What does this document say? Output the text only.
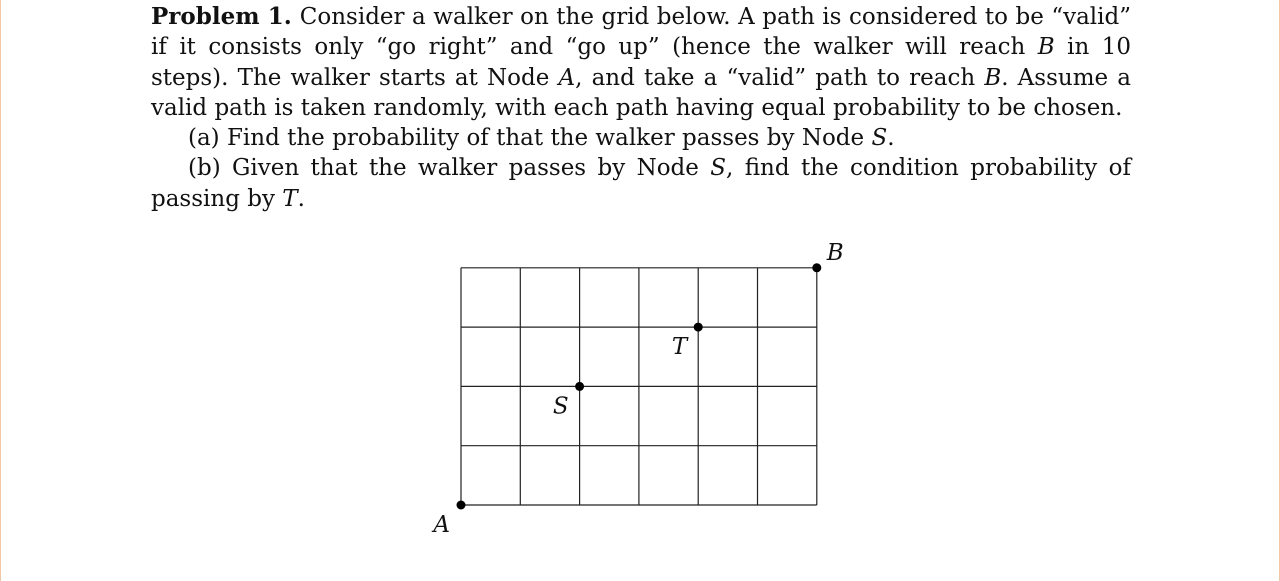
Problem 1. Consider a walker on the grid below. A path is considered to be “valid” if it consists only “go right” and “go up” (hence the walker will reach B in 10 steps). The walker starts at Node A, and take a “valid” path to reach B. Assume a valid path is taken randomly, with each path having equal probability to be chosen.

(a) Find the probability of that the walker passes by Node S.

(b) Given that the walker passes by Node S, find the condition probability of passing by T.

A
S
T
B
